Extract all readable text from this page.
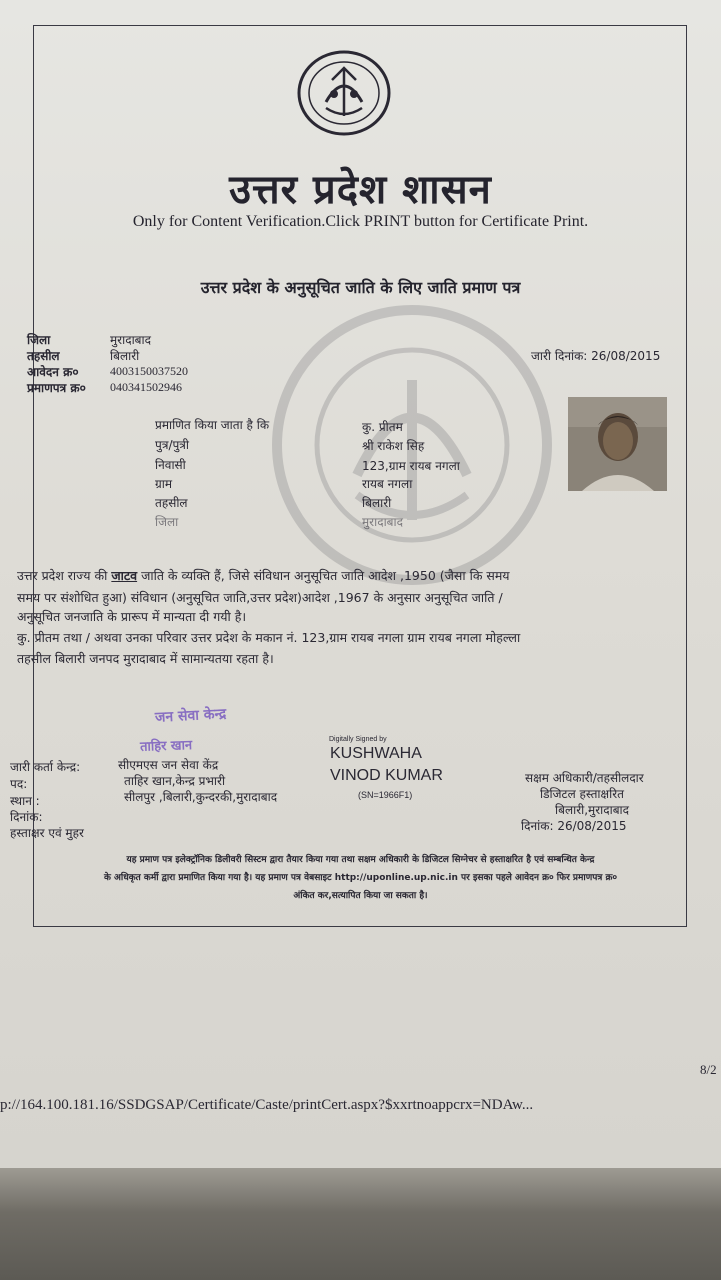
उत्तर प्रदेश शासन
Only for Content Verification.Click PRINT button for Certificate Print.
उत्तर प्रदेश के अनुसूचित जाति के लिए जाति प्रमाण पत्र
जिला	मुरादाबाद
तहसील	बिलारी
आवेदन क्र०	4003150037520
प्रमाणपत्र क्र० 040341502946
जारी दिनांक: 26/08/2015
प्रमाणित किया जाता है कि	कु. प्रीतम
पुत्र/पुत्री	श्री राकेश सिह
निवासी	123,ग्राम रायब नगला
ग्राम	रायब नगला
तहसील	बिलारी
जिला	मुरादाबाद
उत्तर प्रदेश राज्य की जाटव जाति के व्यक्ति हैं, जिसे संविधान अनुसूचित जाति आदेश ,1950 (जैसा कि समय
समय पर संशोधित हुआ) संविधान (अनुसूचित जाति,उत्तर प्रदेश)आदेश ,1967 के अनुसार अनुसूचित जाति /
अनुसूचित जनजाति के प्रारूप में मान्यता दी गयी है।
कु. प्रीतम तथा / अथवा उनका परिवार उत्तर प्रदेश के मकान नं. 123,ग्राम रायब नगला ग्राम रायब नगला मोहल्ला
तहसील बिलारी जनपद मुरादाबाद में सामान्यतया रहता है।
जन सेवा केन्द्र
ताहिर खान
जारी कर्ता केन्द्र:	सीएमएस जन सेवा केंद्र
पद:	ताहिर खान,केन्द्र प्रभारी
स्थान :	सीलपुर ,बिलारी,कुन्दरकी,मुरादाबाद
दिनांक:
हस्ताक्षर एवं मुहर
Digitally Signed by
KUSHWAHA
VINOD KUMAR
(SN=1966F1)
सक्षम अधिकारी/तहसीलदार
डिजिटल हस्ताक्षरित
बिलारी,मुरादाबाद
दिनांक: 26/08/2015
यह प्रमाण पत्र इलेक्ट्रॉनिक डिलीवरी सिस्टम द्वारा तैयार किया गया तथा सक्षम अधिकारी के डिजिटल सिग्नेचर से हस्ताक्षरित है एवं सम्बन्धित केन्द्र
के अधिकृत कर्मी द्वारा प्रमाणित किया गया है। यह प्रमाण पत्र वेबसाइट http://uponline.up.nic.in पर इसका पहले आवेदन क्र० फिर प्रमाणपत्र क्र०
अंकित कर,सत्यापित किया जा सकता है।
p://164.100.181.16/SSDGSAP/Certificate/Caste/printCert.aspx?$xxrtnoappcrx=NDAw...
8/2
